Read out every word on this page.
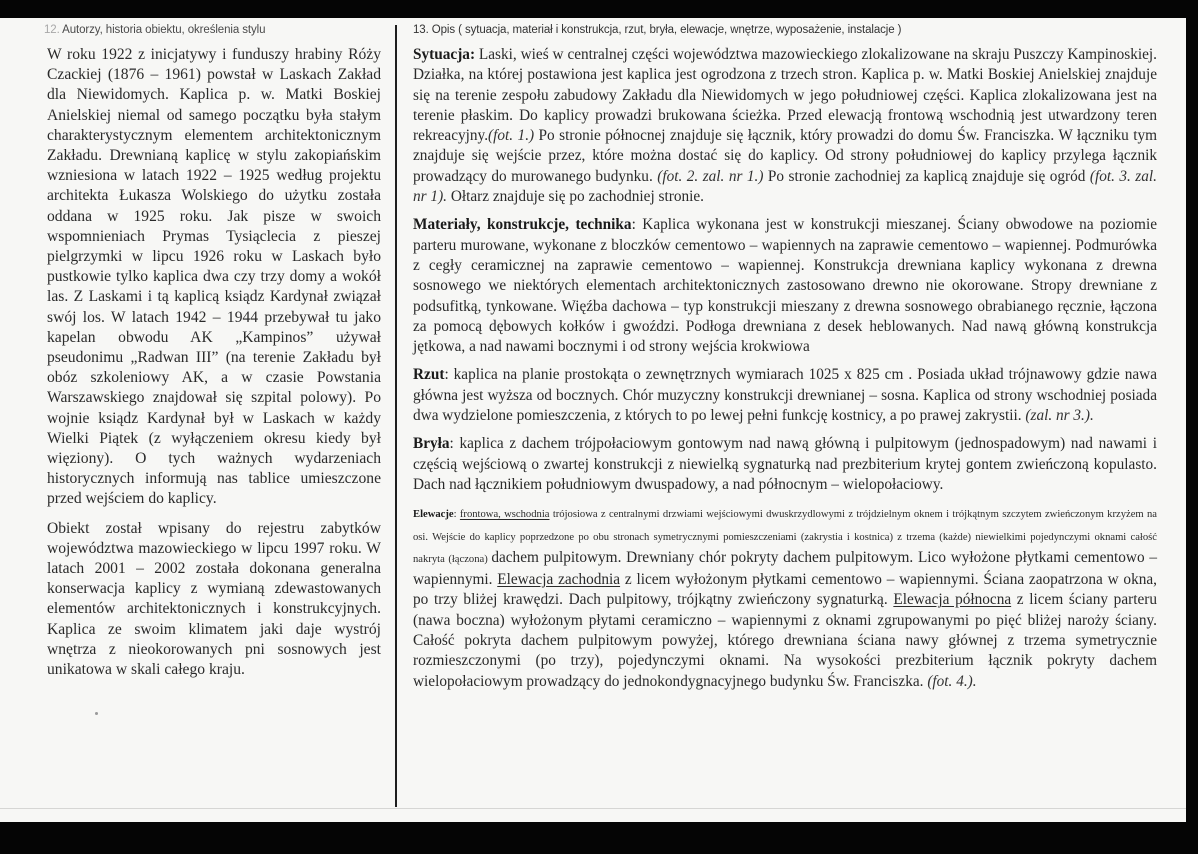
12. Autorzy, historia obiektu, określenia stylu

W roku 1922 z inicjatywy i funduszy hrabiny Róży Czackiej (1876 – 1961) powstał w Laskach Zakład dla Niewidomych. Kaplica p. w. Matki Boskiej Anielskiej niemal od samego początku była stałym charakterystycznym elementem architektonicznym Zakładu. Drewnianą kaplicę w stylu zakopiańskim wzniesiona w latach 1922 – 1925 według projektu architekta Łukasza Wolskiego do użytku została oddana w 1925 roku. Jak pisze w swoich wspomnieniach Prymas Tysiąclecia z pieszej pielgrzymki w lipcu 1926 roku w Laskach było pustkowie tylko kaplica dwa czy trzy domy a wokół las. Z Laskami i tą kaplicą ksiądz Kardynał związał swój los. W latach 1942 – 1944 przebywał tu jako kapelan obwodu AK „Kampinos” używał pseudonimu „Radwan III” (na terenie Zakładu był obóz szkoleniowy AK, a w czasie Powstania Warszawskiego znajdował się szpital polowy). Po wojnie ksiądz Kardynał był w Laskach w każdy Wielki Piątek (z wyłączeniem okresu kiedy był więziony). O tych ważnych wydarzeniach historycznych informują nas tablice umieszczone przed wejściem do kaplicy.

Obiekt został wpisany do rejestru zabytków województwa mazowieckiego w lipcu 1997 roku. W latach 2001 – 2002 została dokonana generalna konserwacja kaplicy z wymianą zdewastowanych elementów architektonicznych i konstrukcyjnych. Kaplica ze swoim klimatem jaki daje wystrój wnętrza z nieokorowanych pni sosnowych jest unikatowa w skali całego kraju.

13. Opis ( sytuacja, materiał i konstrukcja, rzut, bryła, elewacje, wnętrze, wyposażenie, instalacje )

Sytuacja: Laski, wieś w centralnej części województwa mazowieckiego zlokalizowane na skraju Puszczy Kampinoskiej. Działka, na której postawiona jest kaplica jest ogrodzona z trzech stron. Kaplica p. w. Matki Boskiej Anielskiej znajduje się na terenie zespołu zabudowy Zakładu dla Niewidomych w jego południowej części. Kaplica zlokalizowana jest na terenie płaskim. Do kaplicy prowadzi brukowana ścieżka. Przed elewacją frontową wschodnią jest utwardzony teren rekreacyjny.(fot. 1.) Po stronie północnej znajduje się łącznik, który prowadzi do domu Św. Franciszka. W łączniku tym znajduje się wejście przez, które można dostać się do kaplicy. Od strony południowej do kaplicy przylega łącznik prowadzący do murowanego budynku. (fot. 2. zal. nr 1.) Po stronie zachodniej za kaplicą znajduje się ogród (fot. 3. zal. nr 1). Ołtarz znajduje się po zachodniej stronie.

Materiały, konstrukcje, technika: Kaplica wykonana jest w konstrukcji mieszanej. Ściany obwodowe na poziomie parteru murowane, wykonane z bloczków cementowo – wapiennych na zaprawie cementowo – wapiennej. Podmurówka z cegły ceramicznej na zaprawie cementowo – wapiennej. Konstrukcja drewniana kaplicy wykonana z drewna sosnowego we niektórych elementach architektonicznych zastosowano drewno nie okorowane. Stropy drewniane z podsufitką, tynkowane. Więźba dachowa – typ konstrukcji mieszany z drewna sosnowego obrabianego ręcznie, łączona za pomocą dębowych kołków i gwoździ. Podłoga drewniana z desek heblowanych. Nad nawą główną konstrukcja jętkowa, a nad nawami bocznymi i od strony wejścia krokwiowa

Rzut: kaplica na planie prostokąta o zewnętrznych wymiarach 1025 x 825 cm . Posiada układ trójnawowy gdzie nawa główna jest wyższa od bocznych. Chór muzyczny konstrukcji drewnianej – sosna. Kaplica od strony wschodniej posiada dwa wydzielone pomieszczenia, z których to po lewej pełni funkcję kostnicy, a po prawej zakrystii. (zal. nr 3.).

Bryła: kaplica z dachem trójpołaciowym gontowym nad nawą główną i pulpitowym (jednospadowym) nad nawami i częścią wejściową o zwartej konstrukcji z niewielką sygnaturką nad prezbiterium krytej gontem zwieńczoną kopulasto. Dach nad łącznikiem południowym dwuspadowy, a nad północnym – wielopołaciowy.

Elewacje: frontowa, wschodnia trójosiowa z centralnymi drzwiami wejściowymi dwuskrzydlowymi z trójdzielnym oknem i trójkątnym szczytem zwieńczonym krzyżem na osi. Wejście do kaplicy poprzedzone po obu stronach symetrycznymi pomieszczeniami (zakrystia i kostnica) z trzema (każde) niewielkimi pojedynczymi oknami całość nakryta (łączona) dachem pulpitowym. Drewniany chór pokryty dachem pulpitowym. Lico wyłożone płytkami cementowo – wapiennymi. Elewacja zachodnia z licem wyłożonym płytkami cementowo – wapiennymi. Ściana zaopatrzona w okna, po trzy bliżej krawędzi. Dach pulpitowy, trójkątny zwieńczony sygnaturką. Elewacja północna z licem ściany parteru (nawa boczna) wyłożonym płytami ceramiczno – wapiennymi z oknami zgrupowanymi po pięć bliżej naroży ściany. Całość pokryta dachem pulpitowym powyżej, którego drewniana ściana nawy głównej z trzema symetrycznie rozmieszczonymi (po trzy), pojedynczymi oknami. Na wysokości prezbiterium łącznik pokryty dachem wielopołaciowym prowadzący do jednokondygnacyjnego budynku Św. Franciszka. (fot. 4.).
